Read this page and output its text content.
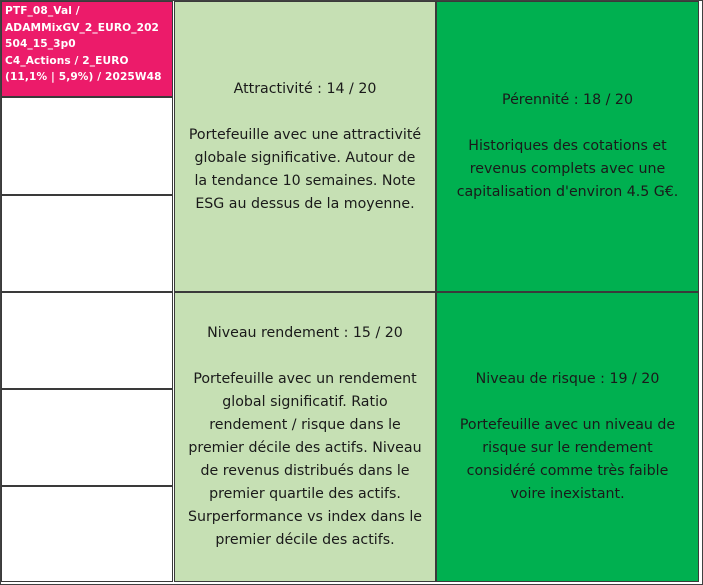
PTF_08_Val /
ADAMMixGV_2_EURO_202
504_15_3p0
C4_Actions / 2_EURO
(11,1% | 5,9%) / 2025W48
Attractivité : 14 / 20
Portefeuille avec une attractivité
globale significative. Autour de
la tendance 10 semaines. Note
ESG au dessus de la moyenne.
Pérennité : 18 / 20
Historiques des cotations et
revenus complets avec une
capitalisation d'environ 4.5 G€.
Niveau rendement : 15 / 20
Portefeuille avec un rendement
global significatif. Ratio
rendement / risque dans le
premier décile des actifs. Niveau
de revenus distribués dans le
premier quartile des actifs.
Surperformance vs index dans le
premier décile des actifs.
Niveau de risque : 19 / 20
Portefeuille avec un niveau de
risque sur le rendement
considéré comme très faible
voire inexistant.
